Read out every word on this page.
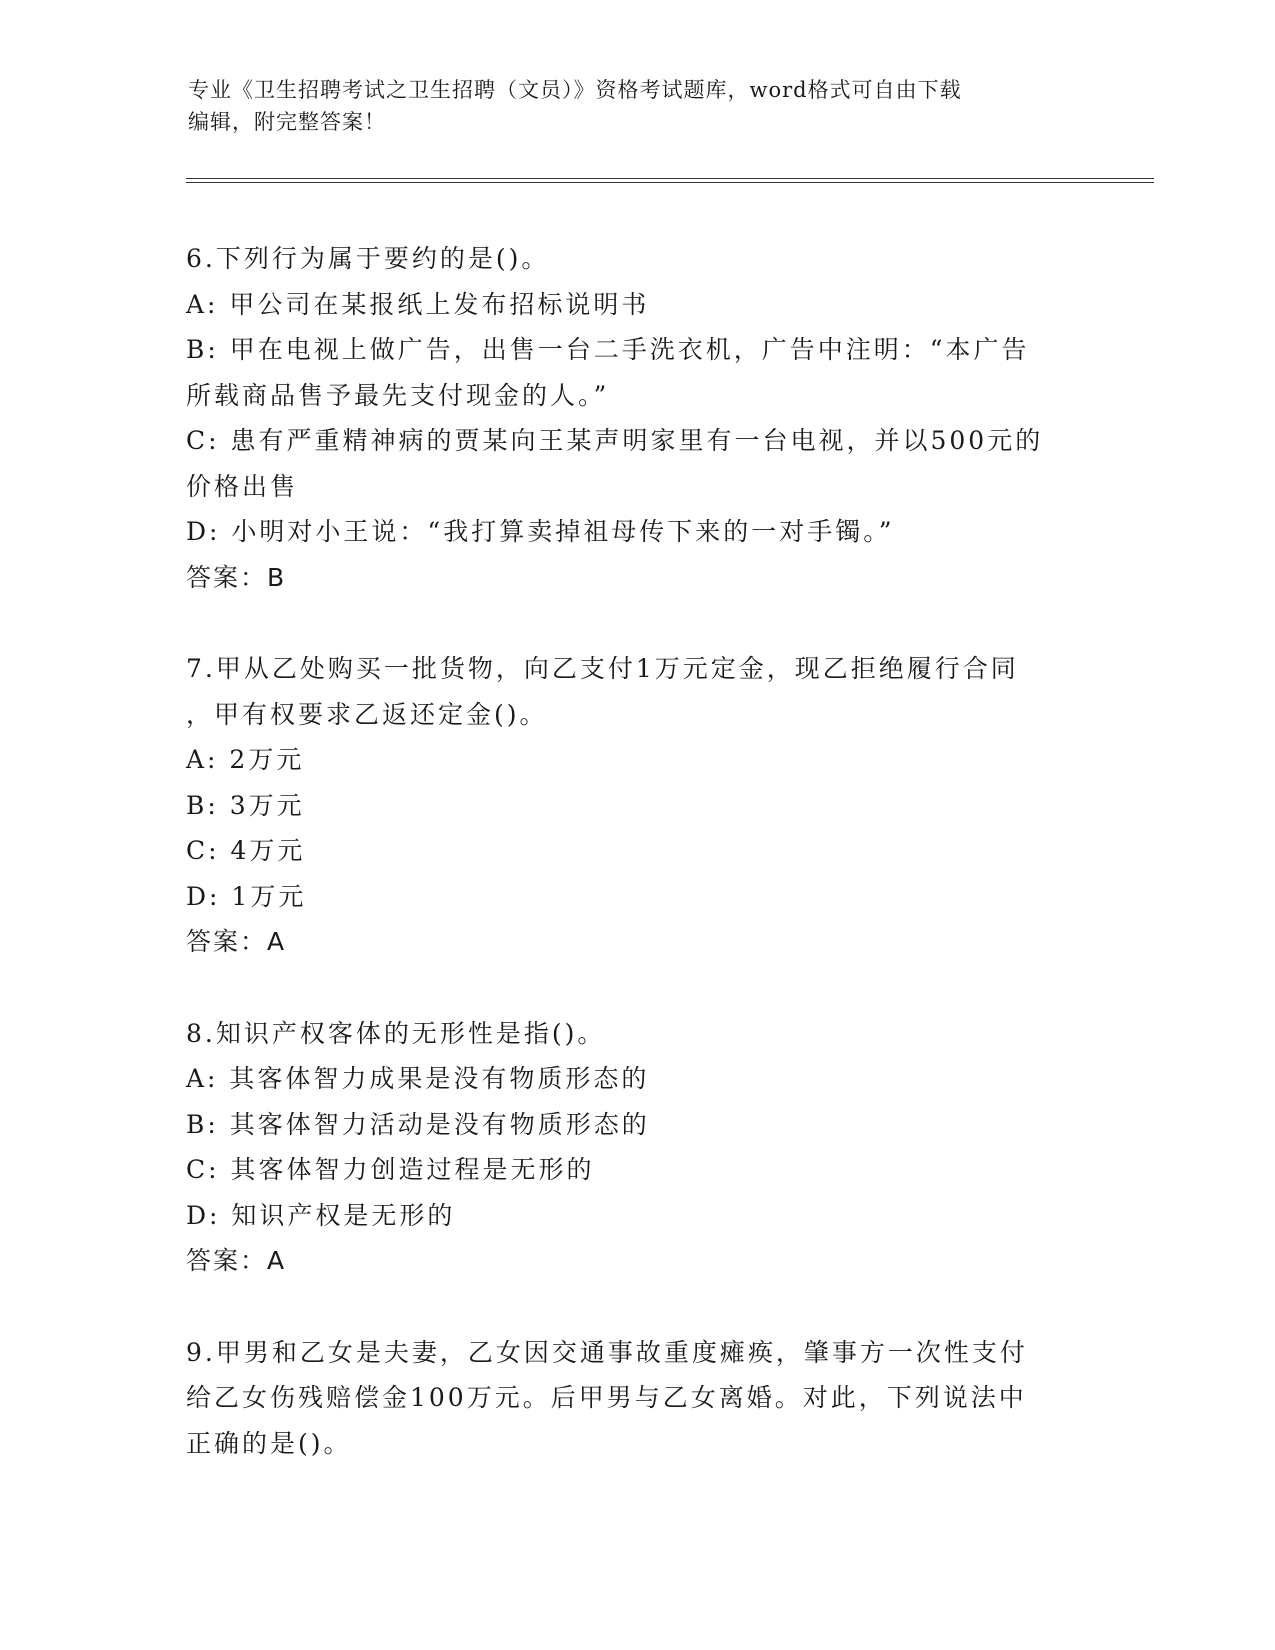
专业《卫生招聘考试之卫生招聘（文员）》资格考试题库，word格式可自由下载
编辑，附完整答案！
6.下列行为属于要约的是()。
A: 甲公司在某报纸上发布招标说明书
B: 甲在电视上做广告，出售一台二手洗衣机，广告中注明：“本广告
所载商品售予最先支付现金的人。”
C: 患有严重精神病的贾某向王某声明家里有一台电视，并以500元的
价格出售
D: 小明对小王说：“我打算卖掉祖母传下来的一对手镯。”
答案：B
7.甲从乙处购买一批货物，向乙支付1万元定金，现乙拒绝履行合同
，甲有权要求乙返还定金()。
A: 2万元
B: 3万元
C: 4万元
D: 1万元
答案：A
8.知识产权客体的无形性是指()。
A: 其客体智力成果是没有物质形态的
B: 其客体智力活动是没有物质形态的
C: 其客体智力创造过程是无形的
D: 知识产权是无形的
答案：A
9.甲男和乙女是夫妻，乙女因交通事故重度瘫痪，肇事方一次性支付
给乙女伤残赔偿金100万元。后甲男与乙女离婚。对此，下列说法中
正确的是()。
